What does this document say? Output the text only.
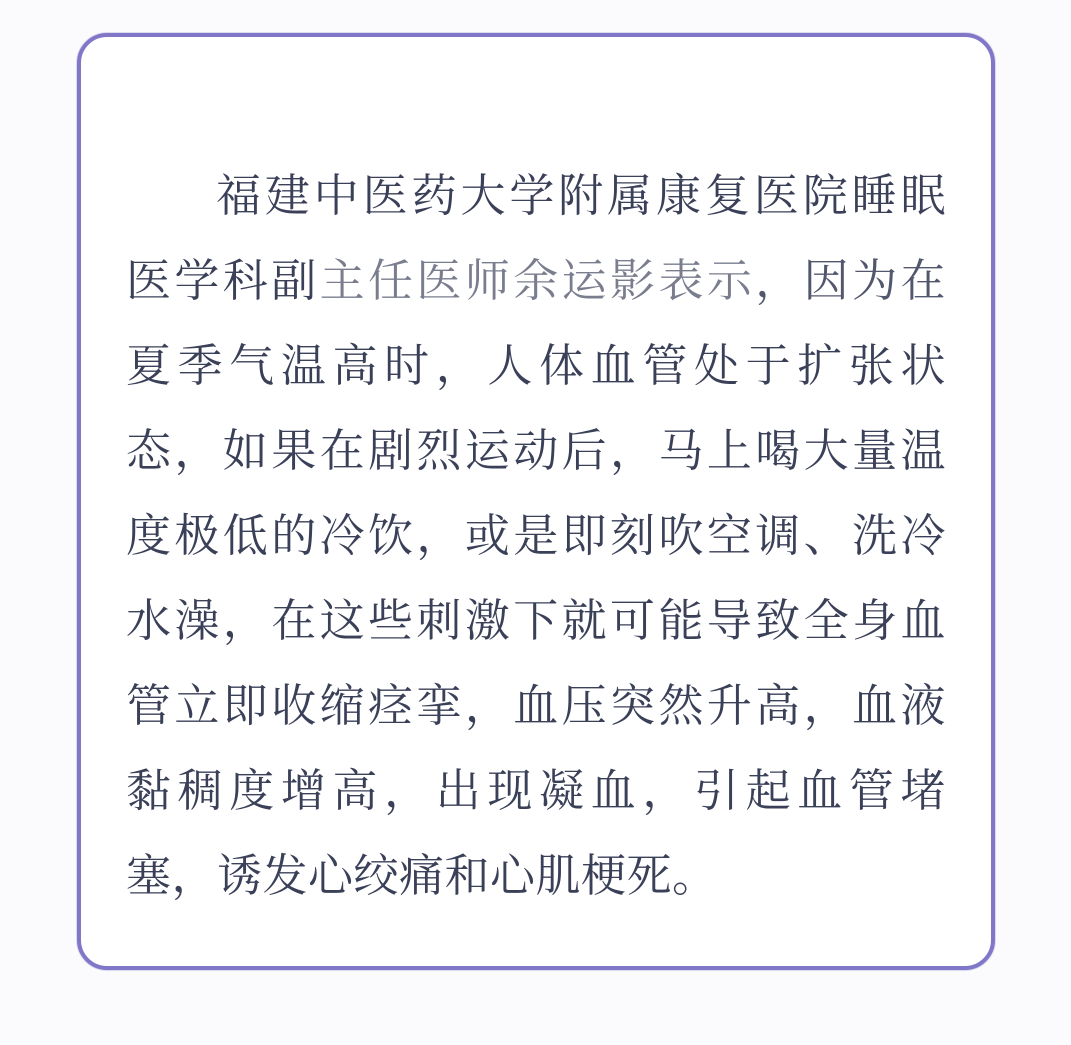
福建中医药大学附属康复医院睡眠
医学科副主任医师余运影表示，因为在
夏季气温高时，人体血管处于扩张状
态，如果在剧烈运动后，马上喝大量温
度极低的冷饮，或是即刻吹空调、洗冷
水澡，在这些刺激下就可能导致全身血
管立即收缩痉挛，血压突然升高，血液
黏稠度增高，出现凝血，引起血管堵
塞，诱发心绞痛和心肌梗死。
